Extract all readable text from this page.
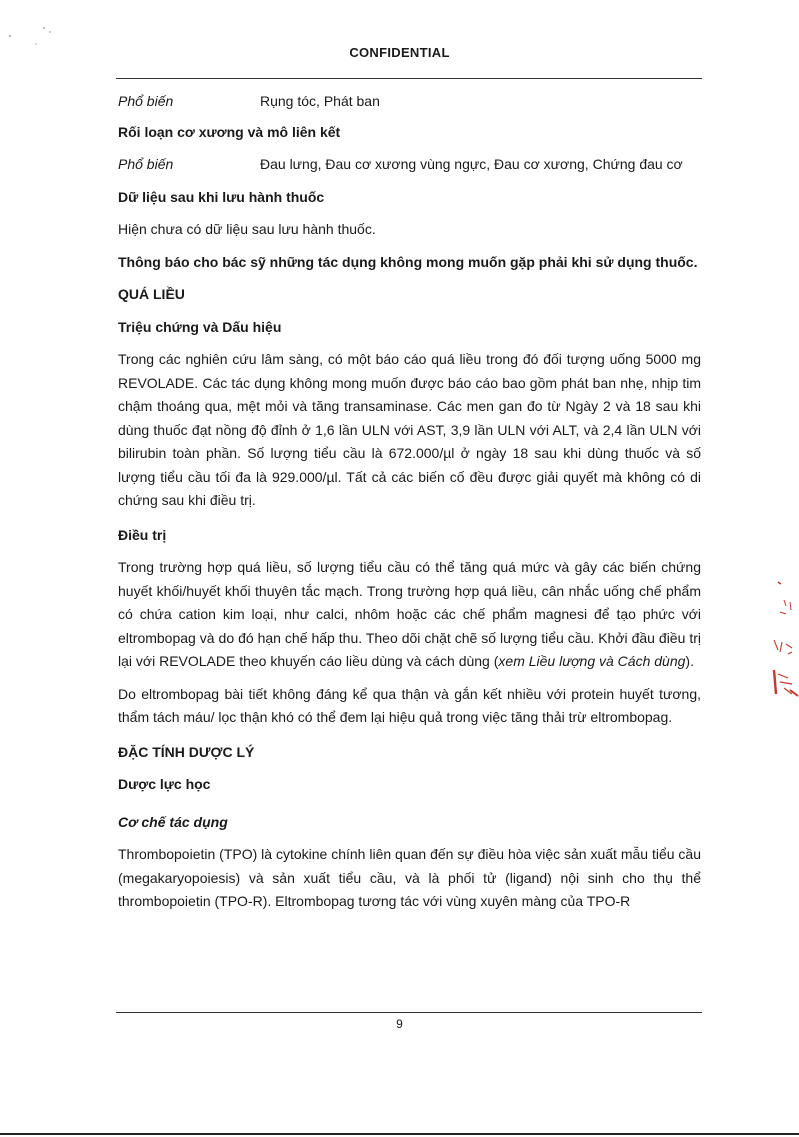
CONFIDENTIAL
Phổ biến	Rụng tóc, Phát ban

Rối loạn cơ xương và mô liên kết

Phổ biến	Đau lưng, Đau cơ xương vùng ngực, Đau cơ xương, Chứng đau cơ

Dữ liệu sau khi lưu hành thuốc

Hiện chưa có dữ liệu sau lưu hành thuốc.

Thông báo cho bác sỹ những tác dụng không mong muốn gặp phải khi sử dụng thuốc.

QUÁ LIỀU

Triệu chứng và Dấu hiệu

Trong các nghiên cứu lâm sàng, có một báo cáo quá liều trong đó đối tượng uống 5000 mg REVOLADE. Các tác dụng không mong muốn được báo cáo bao gồm phát ban nhẹ, nhịp tim chậm thoáng qua, mệt mỏi và tăng transaminase. Các men gan đo từ Ngày 2 và 18 sau khi dùng thuốc đạt nồng độ đỉnh ở 1,6 lần ULN với AST, 3,9 lần ULN với ALT, và 2,4 lần ULN với bilirubin toàn phần. Số lượng tiểu cầu là 672.000/µl ở ngày 18 sau khi dùng thuốc và số lượng tiểu cầu tối đa là 929.000/µl. Tất cả các biến cố đều được giải quyết mà không có di chứng sau khi điều trị.

Điều trị

Trong trường hợp quá liều, số lượng tiểu cầu có thể tăng quá mức và gây các biến chứng huyết khối/huyết khối thuyên tắc mạch. Trong trường hợp quá liều, cân nhắc uống chế phẩm có chứa cation kim loại, như calci, nhôm hoặc các chế phẩm magnesi để tạo phức với eltrombopag và do đó hạn chế hấp thu. Theo dõi chặt chẽ số lượng tiểu cầu. Khởi đầu điều trị lại với REVOLADE theo khuyến cáo liều dùng và cách dùng (xem Liều lượng và Cách dùng).

Do eltrombopag bài tiết không đáng kể qua thận và gắn kết nhiều với protein huyết tương, thẩm tách máu/ lọc thận khó có thể đem lại hiệu quả trong việc tăng thải trừ eltrombopag.

ĐẶC TÍNH DƯỢC LÝ

Dược lực học

Cơ chế tác dụng

Thrombopoietin (TPO) là cytokine chính liên quan đến sự điều hòa việc sản xuất mẫu tiểu cầu (megakaryopoiesis) và sản xuất tiểu cầu, và là phối tử (ligand) nội sinh cho thụ thể thrombopoietin (TPO-R). Eltrombopag tương tác với vùng xuyên màng của TPO-R

9
